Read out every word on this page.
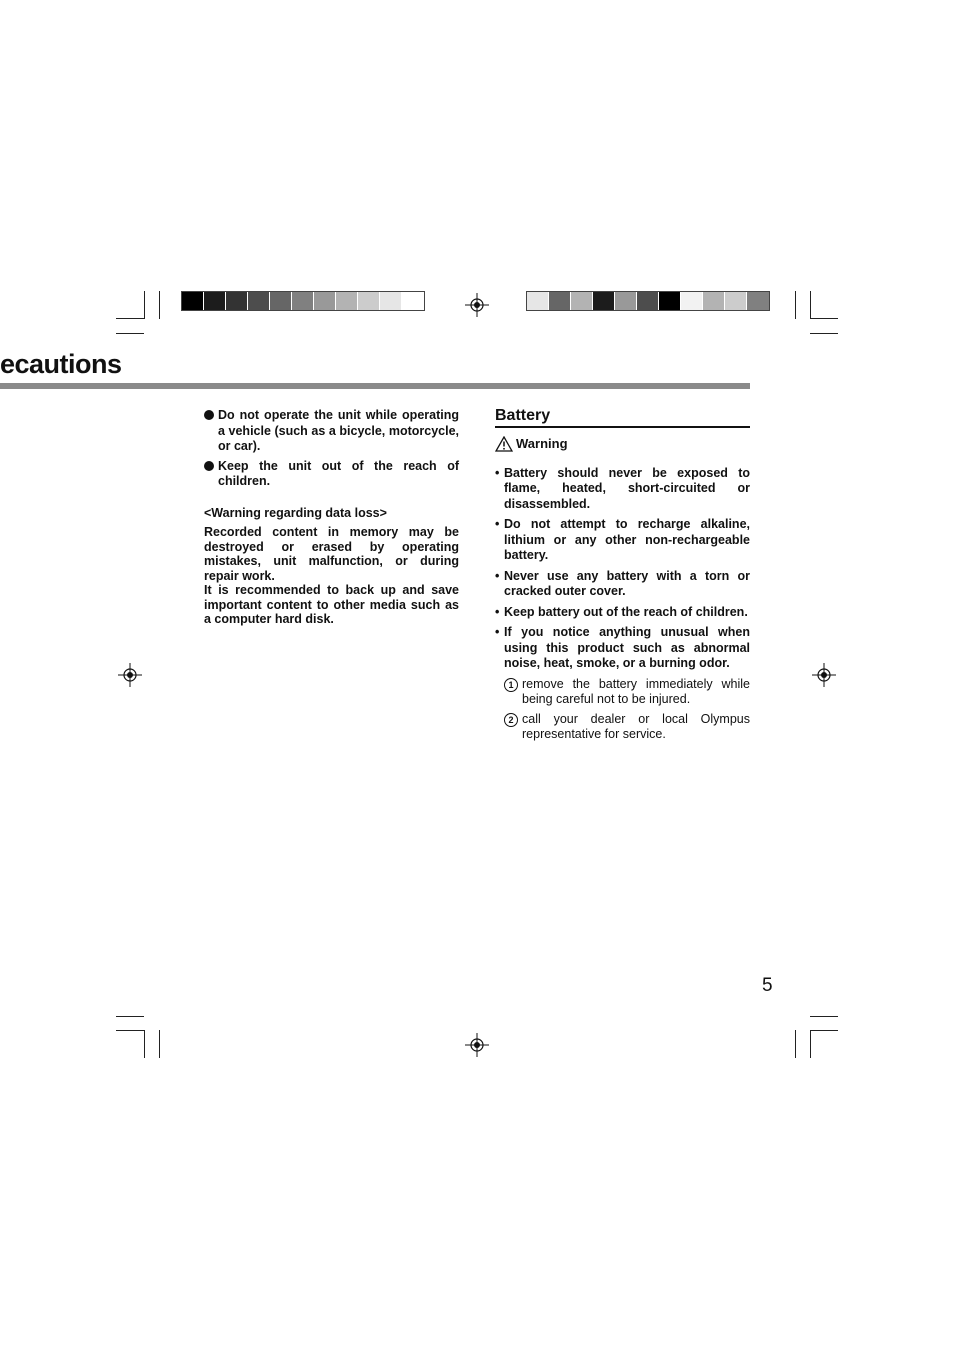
ecautions
Do not operate the unit while operating a vehicle (such as a bicycle, motorcycle, or car).
Keep the unit out of the reach of children.
<Warning regarding data loss>
Recorded content in memory may be destroyed or erased by operating mistakes, unit malfunction, or during repair work.
It is recommended to back up and save important content to other media such as a computer hard disk.
Battery
Warning
• Battery should never be exposed to flame, heated, short-circuited or disassembled.
• Do not attempt to recharge alkaline, lithium or any other non-rechargeable battery.
• Never use any battery with a torn or cracked outer cover.
• Keep battery out of the reach of children.
• If you notice anything unusual when using this product such as abnormal noise, heat, smoke, or a burning odor.
1 remove the battery immediately while being careful not to be injured.
2 call your dealer or local Olympus representative for service.
5
